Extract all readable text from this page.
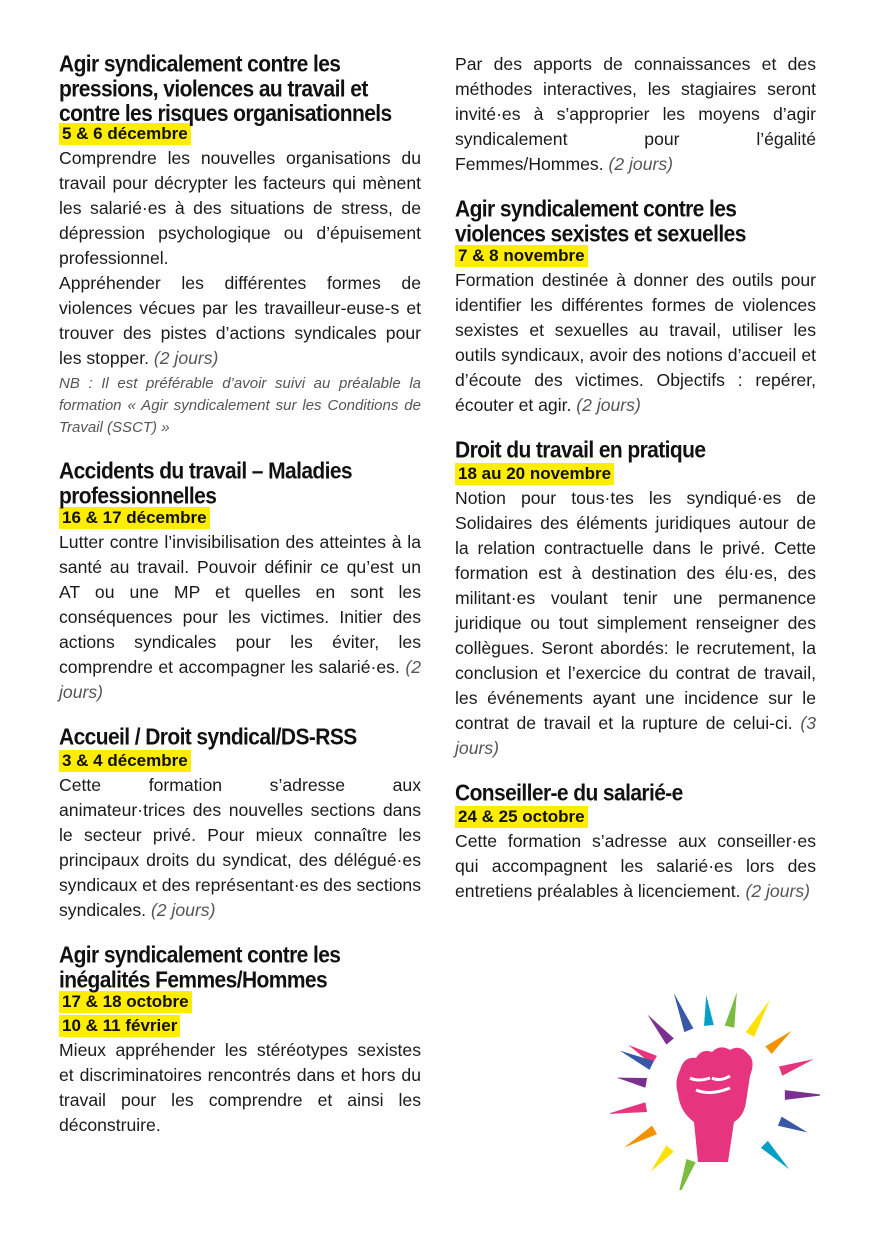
Agir syndicalement contre les pressions, violences au travail et contre les risques organisationnels
5 & 6 décembre

Comprendre les nouvelles organisations du travail pour décrypter les facteurs qui mènent les salarié·es à des situations de stress, de dépression psychologique ou d’épuisement professionnel.

Appréhender les différentes formes de violences vécues par les travailleur-euse-s et trouver des pistes d’actions syndicales pour les stopper. (2 jours)

NB : Il est préférable d’avoir suivi au préalable la formation « Agir syndicalement sur les Conditions de Travail (SSCT) »

Accidents du travail – Maladies professionnelles
16 & 17 décembre

Lutter contre l’invisibilisation des atteintes à la santé au travail. Pouvoir définir ce qu’est un AT ou une MP et quelles en sont les conséquences pour les victimes. Initier des actions syndicales pour les éviter, les comprendre et accompagner les salarié·es. (2 jours)

Accueil / Droit syndical/DS-RSS
3 & 4 décembre

Cette formation s’adresse aux animateur·trices des nouvelles sections dans le secteur privé. Pour mieux connaître les principaux droits du syndicat, des délégué·es syndicaux et des représentant·es des sections syndicales. (2 jours)

Agir syndicalement contre les inégalités Femmes/Hommes
17 & 18 octobre
10 & 11 février

Mieux appréhender les stéréotypes sexistes et discriminatoires rencontrés dans et hors du travail pour les comprendre et ainsi les déconstruire.

Par des apports de connaissances et des méthodes interactives, les stagiaires seront invité·es à s’approprier les moyens d’agir syndicalement pour l’égalité Femmes/Hommes. (2 jours)

Agir syndicalement contre les violences sexistes et sexuelles
7 & 8 novembre

Formation destinée à donner des outils pour identifier les différentes formes de violences sexistes et sexuelles au travail, utiliser les outils syndicaux, avoir des notions d’accueil et d’écoute des victimes. Objectifs : repérer, écouter et agir. (2 jours)

Droit du travail en pratique
18 au 20 novembre

Notion pour tous·tes les syndiqué·es de Solidaires des éléments juridiques autour de la relation contractuelle dans le privé. Cette formation est à destination des élu·es, des militant·es voulant tenir une permanence juridique ou tout simplement renseigner des collègues. Seront abordés: le recrutement, la conclusion et l’exercice du contrat de travail, les événements ayant une incidence sur le contrat de travail et la rupture de celui-ci. (3 jours)

Conseiller-e du salarié-e
24 & 25 octobre

Cette formation s’adresse aux conseiller·es qui accompagnent les salarié·es lors des entretiens préalables à licenciement. (2 jours)
